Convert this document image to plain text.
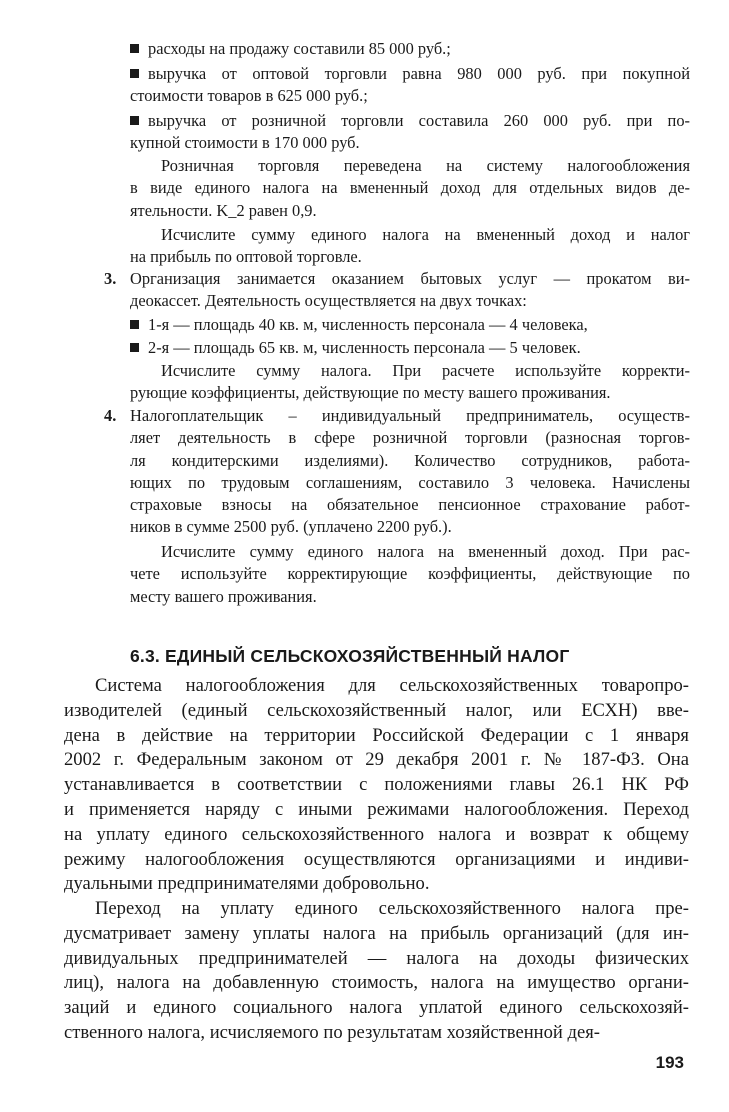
расходы на продажу составили 85 000 руб.;
выручка от оптовой торговли равна 980 000 руб. при покупной
стоимости товаров в 625 000 руб.;
выручка от розничной торговли составила 260 000 руб. при по-
купной стоимости в 170 000 руб.
Розничная торговля переведена на систему налогообложения
в виде единого налога на вмененный доход для отдельных видов де-
ятельности. K_2 равен 0,9.
Исчислите сумму единого налога на вмененный доход и налог
на прибыль по оптовой торговле.
3. Организация занимается оказанием бытовых услуг — прокатом ви-
деокассет. Деятельность осуществляется на двух точках:
1-я — площадь 40 кв. м, численность персонала — 4 человека,
2-я — площадь 65 кв. м, численность персонала — 5 человек.
Исчислите сумму налога. При расчете используйте корректи-
рующие коэффициенты, действующие по месту вашего проживания.
4. Налогоплательщик – индивидуальный предприниматель, осуществ-
ляет деятельность в сфере розничной торговли (разносная торгов-
ля кондитерскими изделиями). Количество сотрудников, работа-
ющих по трудовым соглашениям, составило 3 человека. Начислены
страховые взносы на обязательное пенсионное страхование работ-
ников в сумме 2500 руб. (уплачено 2200 руб.).
Исчислите сумму единого налога на вмененный доход. При рас-
чете используйте корректирующие коэффициенты, действующие по
месту вашего проживания.
6.3. ЕДИНЫЙ СЕЛЬСКОХОЗЯЙСТВЕННЫЙ НАЛОГ
Система налогообложения для сельскохозяйственных товаропро-
изводителей (единый сельскохозяйственный налог, или ЕСХН) вве-
дена в действие на территории Российской Федерации с 1 января
2002 г. Федеральным законом от 29 декабря 2001 г. № 187-ФЗ. Она
устанавливается в соответствии с положениями главы 26.1 НК РФ
и применяется наряду с иными режимами налогообложения. Переход
на уплату единого сельскохозяйственного налога и возврат к общему
режиму налогообложения осуществляются организациями и индиви-
дуальными предпринимателями добровольно.
Переход на уплату единого сельскохозяйственного налога пре-
дусматривает замену уплаты налога на прибыль организаций (для ин-
дивидуальных предпринимателей — налога на доходы физических
лиц), налога на добавленную стоимость, налога на имущество органи-
заций и единого социального налога уплатой единого сельскохозяй-
ственного налога, исчисляемого по результатам хозяйственной дея-
193
